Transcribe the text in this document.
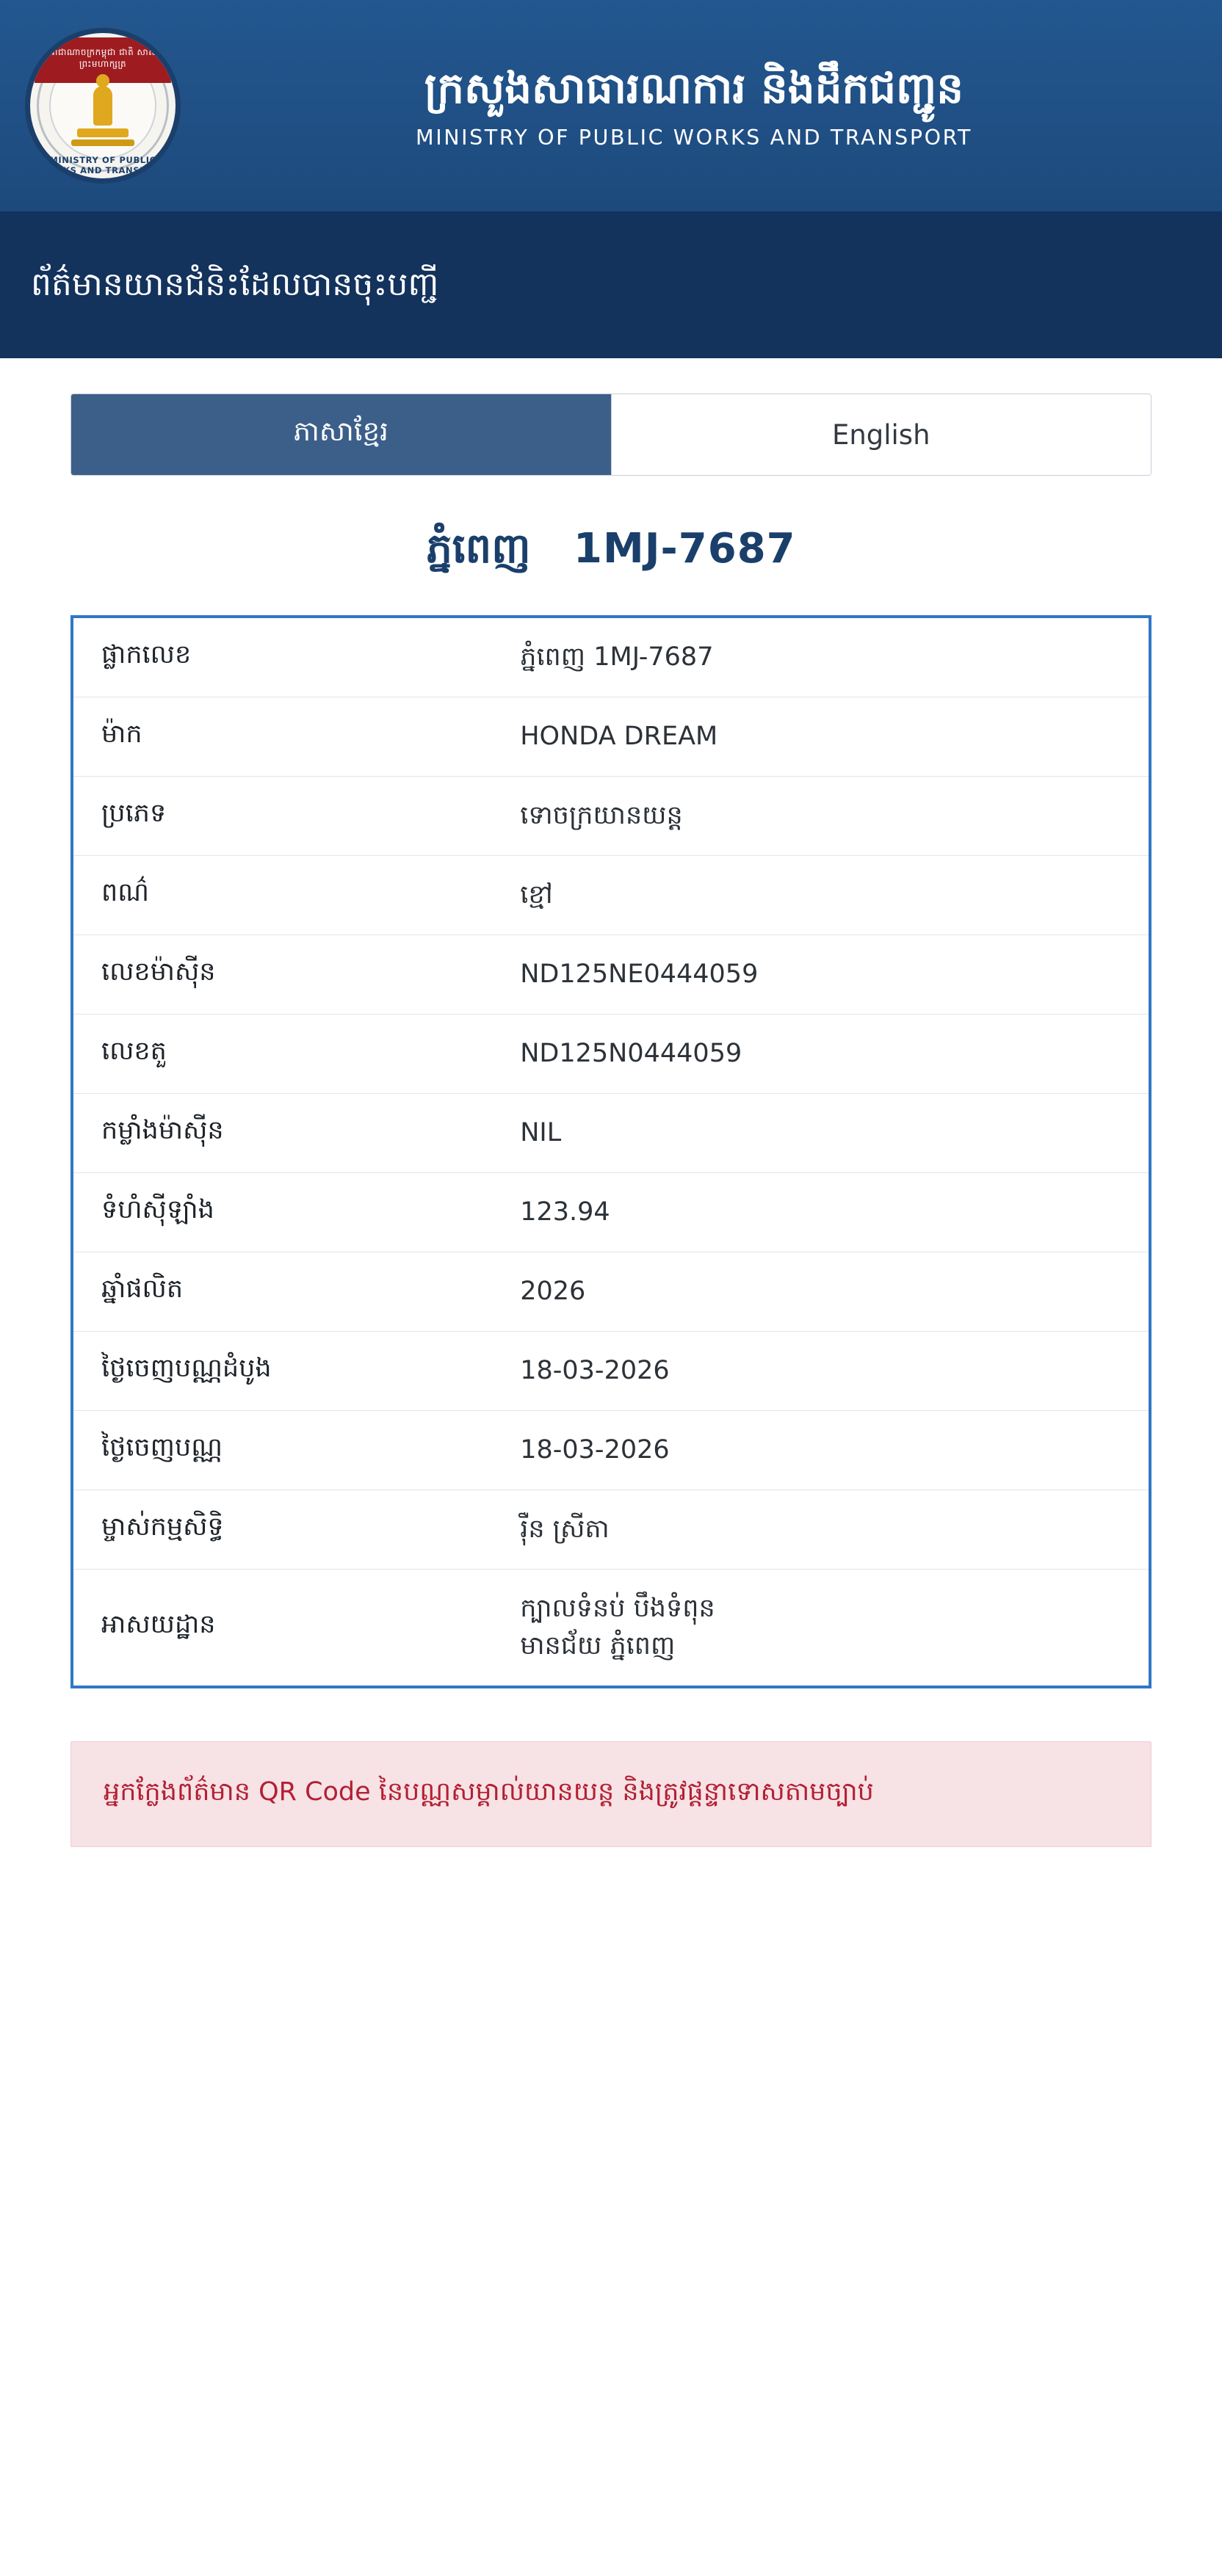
ព្រះរាជាណាចក្រកម្ពុជា ជាតិ សាសនា ព្រះមហាក្សត្រ
MINISTRY OF PUBLIC WORKS AND TRANSPORT
ក្រសួងសាធារណការ និងដឹកជញ្ជូន
MINISTRY OF PUBLIC WORKS AND TRANSPORT
ព័ត៌មានយានជំនិះដែលបានចុះបញ្ជី
ភាសាខ្មែរ	English
ភ្នំពេញ 1MJ-7687
ផ្លាកលេខ	ភ្នំពេញ 1MJ-7687
ម៉ាក	HONDA DREAM
ប្រភេទ	ទោចក្រយានយន្ត
ពណ៌	ខ្មៅ
លេខម៉ាស៊ីន	ND125NE0444059
លេខតួ	ND125N0444059
កម្លាំងម៉ាស៊ីន	NIL
ទំហំស៊ីឡាំង	123.94
ឆ្នាំផលិត	2026
ថ្ងៃចេញបណ្ណដំបូង	18-03-2026
ថ្ងៃចេញបណ្ណ	18-03-2026
ម្ចាស់កម្មសិទ្ធិ	រ៉ឺន ស្រីតា
អាសយដ្ឋាន	ក្បាលទំនប់ បឹងទំពុន
មានជ័យ ភ្នំពេញ
អ្នកក្លែងព័ត៌មាន QR Code នៃបណ្ណសម្គាល់យានយន្ត និងត្រូវផ្តន្ទាទោសតាមច្បាប់
